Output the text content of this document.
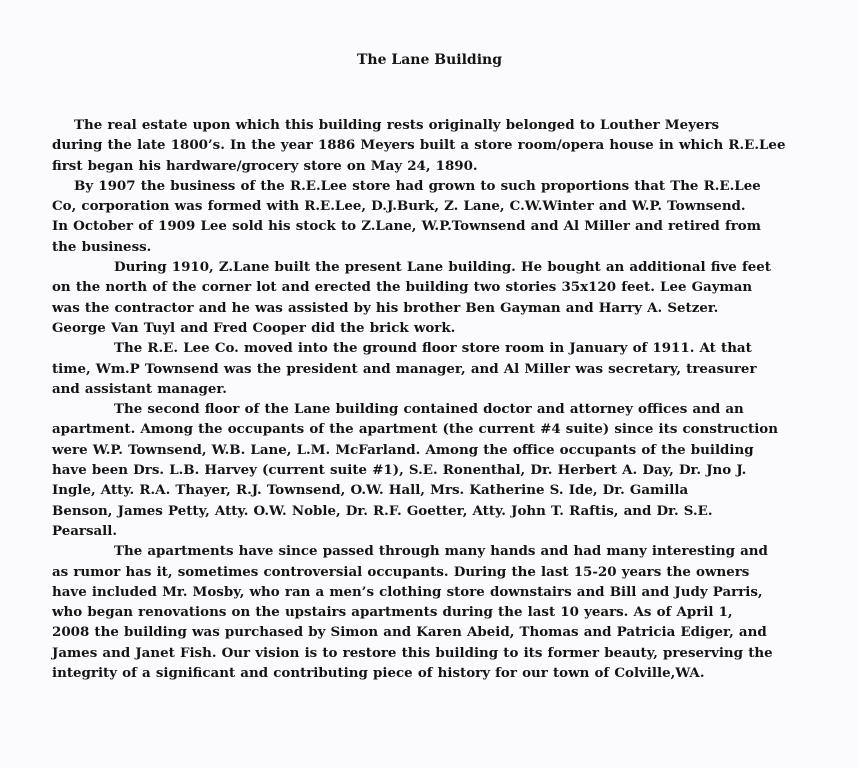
The Lane Building
The real estate upon which this building rests originally belonged to Louther Meyers
during the late 1800’s. In the year 1886 Meyers built a store room/opera house in which R.E.Lee
first began his hardware/grocery store on May 24, 1890.
By 1907 the business of the R.E.Lee store had grown to such proportions that The R.E.Lee
Co, corporation was formed with R.E.Lee, D.J.Burk, Z. Lane, C.W.Winter and W.P. Townsend.
In October of 1909 Lee sold his stock to Z.Lane, W.P.Townsend and Al Miller and retired from
the business.
During 1910, Z.Lane built the present Lane building. He bought an additional five feet
on the north of the corner lot and erected the building two stories 35x120 feet. Lee Gayman
was the contractor and he was assisted by his brother Ben Gayman and Harry A. Setzer.
George Van Tuyl and Fred Cooper did the brick work.
The R.E. Lee Co. moved into the ground floor store room in January of 1911. At that
time, Wm.P Townsend was the president and manager, and Al Miller was secretary, treasurer
and assistant manager.
The second floor of the Lane building contained doctor and attorney offices and an
apartment. Among the occupants of the apartment (the current #4 suite) since its construction
were W.P. Townsend, W.B. Lane, L.M. McFarland. Among the office occupants of the building
have been Drs. L.B. Harvey (current suite #1), S.E. Ronenthal, Dr. Herbert A. Day, Dr. Jno J.
Ingle, Atty. R.A. Thayer, R.J. Townsend, O.W. Hall, Mrs. Katherine S. Ide, Dr. Gamilla
Benson, James Petty, Atty. O.W. Noble, Dr. R.F. Goetter, Atty. John T. Raftis, and Dr. S.E.
Pearsall.
The apartments have since passed through many hands and had many interesting and
as rumor has it, sometimes controversial occupants. During the last 15-20 years the owners
have included Mr. Mosby, who ran a men’s clothing store downstairs and Bill and Judy Parris,
who began renovations on the upstairs apartments during the last 10 years. As of April 1,
2008 the building was purchased by Simon and Karen Abeid, Thomas and Patricia Ediger, and
James and Janet Fish. Our vision is to restore this building to its former beauty, preserving the
integrity of a significant and contributing piece of history for our town of Colville,WA.
